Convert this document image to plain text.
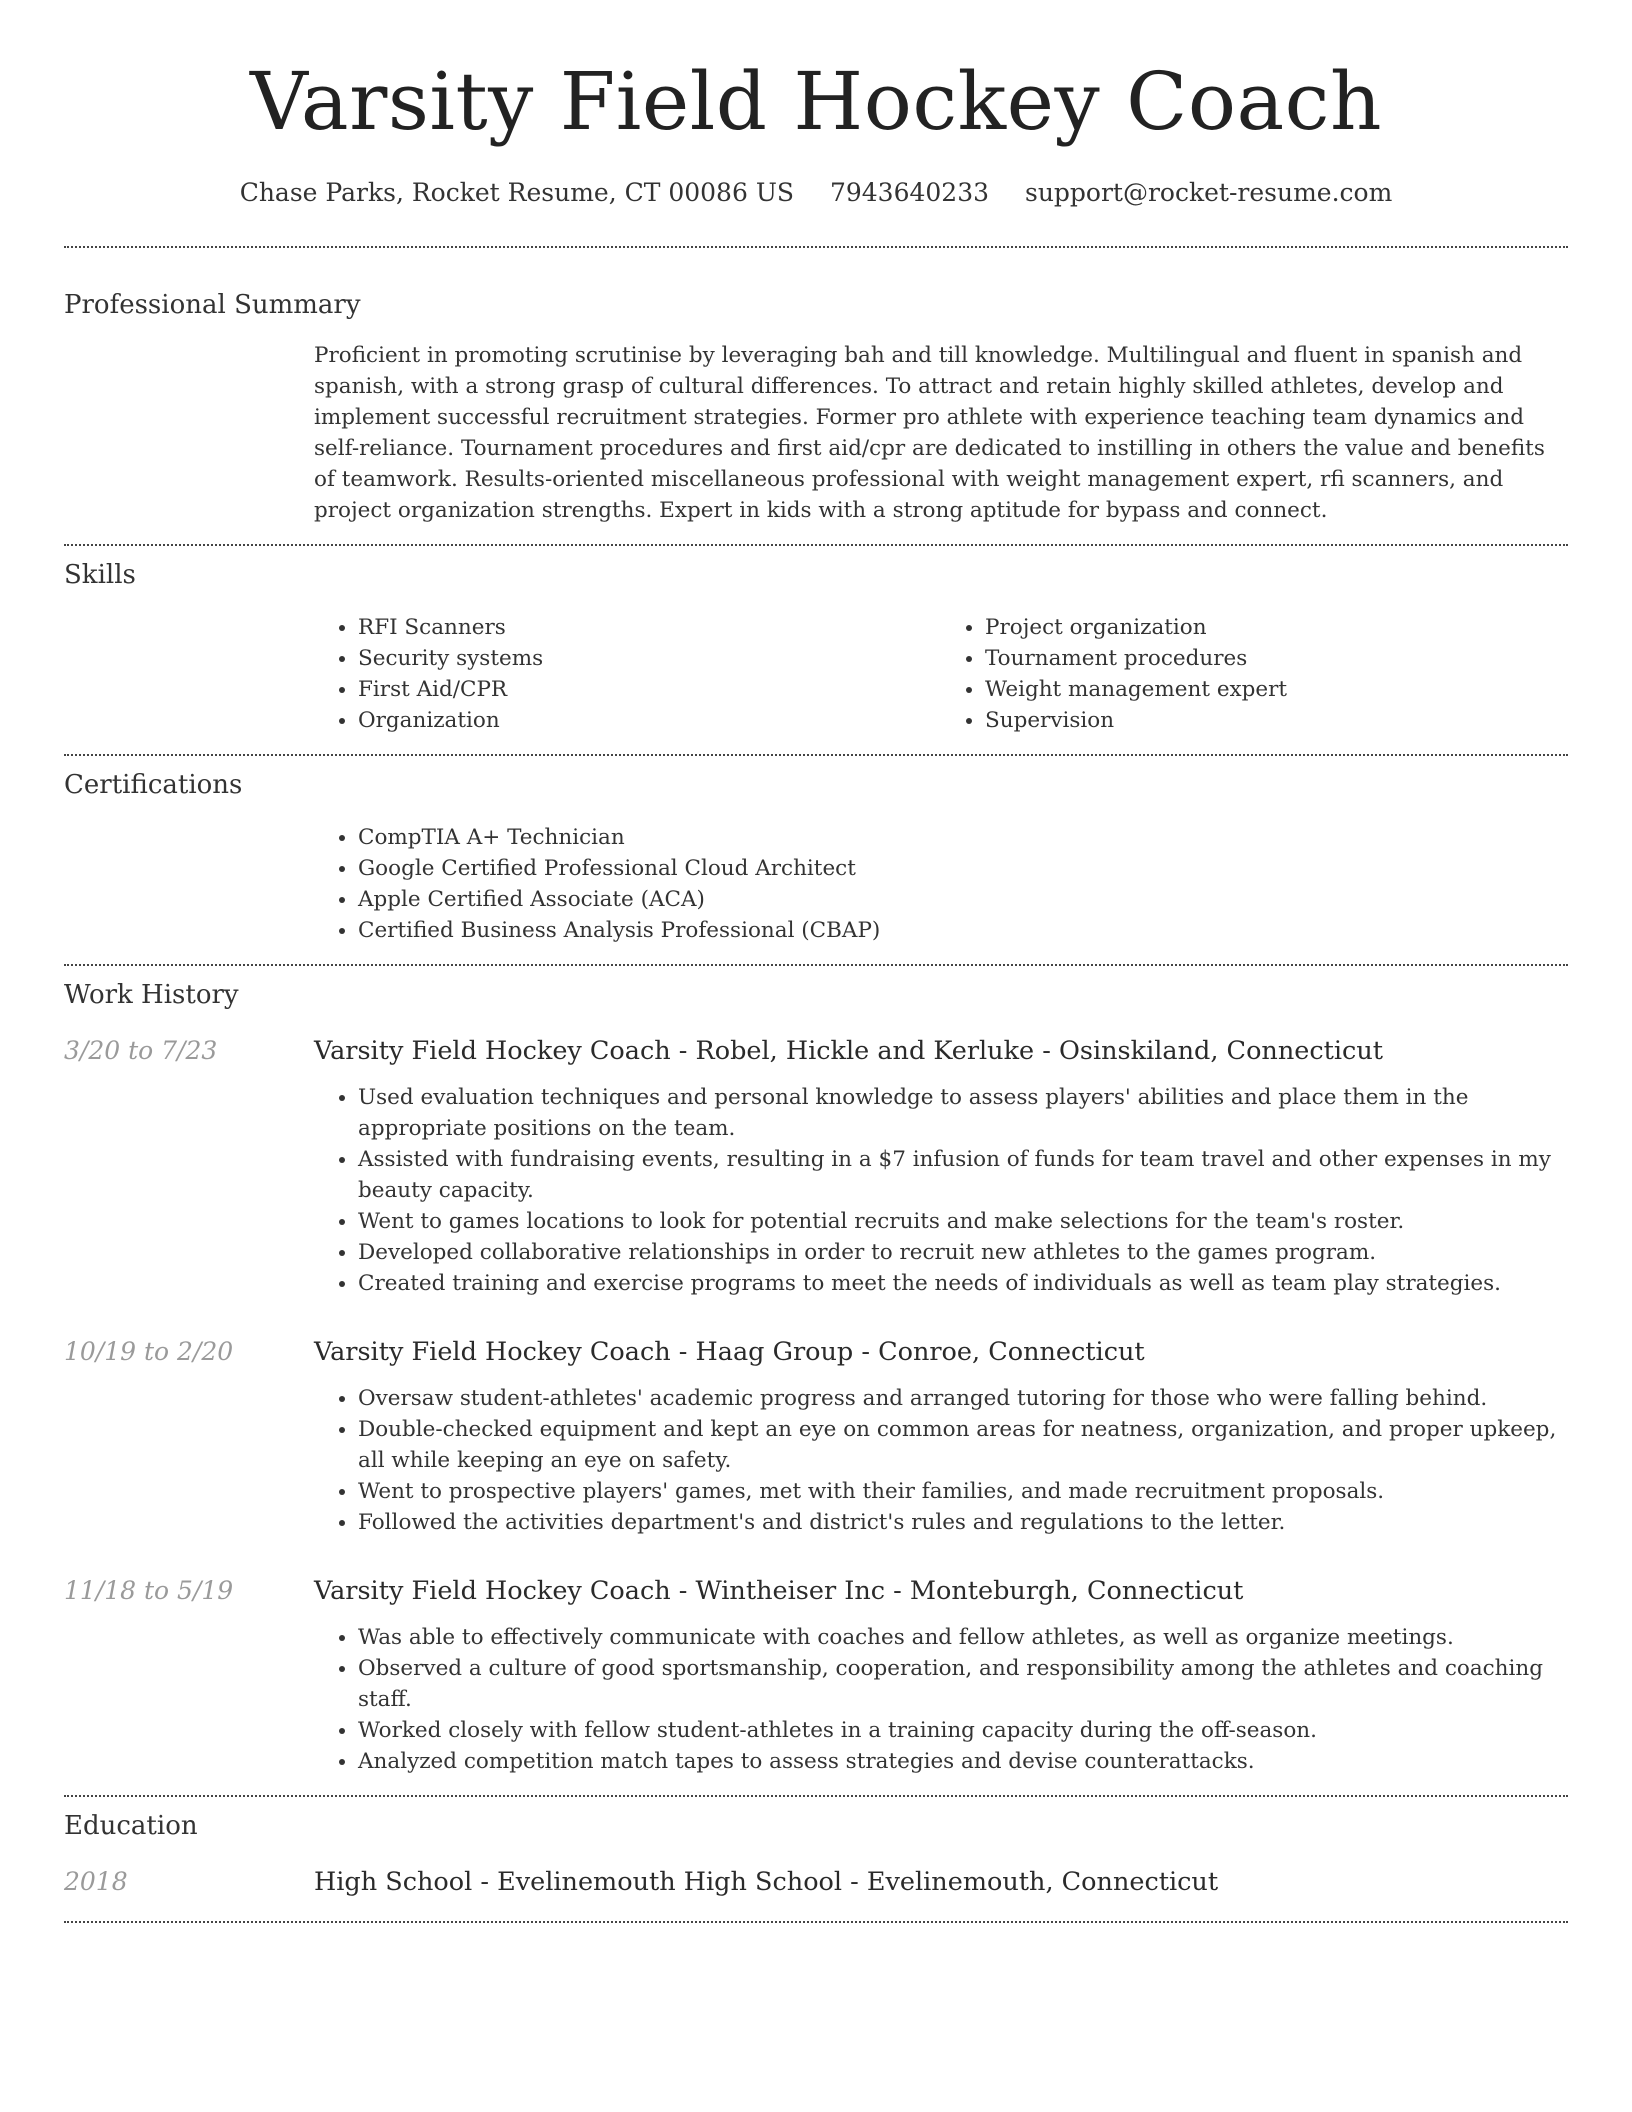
Varsity Field Hockey Coach
Chase Parks, Rocket Resume, CT 00086 US 7943640233 support@rocket-resume.com
Professional Summary
Proficient in promoting scrutinise by leveraging bah and till knowledge. Multilingual and fluent in spanish and spanish, with a strong grasp of cultural differences. To attract and retain highly skilled athletes, develop and implement successful recruitment strategies. Former pro athlete with experience teaching team dynamics and self-reliance. Tournament procedures and first aid/cpr are dedicated to instilling in others the value and benefits of teamwork. Results-oriented miscellaneous professional with weight management expert, rfi scanners, and project organization strengths. Expert in kids with a strong aptitude for bypass and connect.
Skills
• RFI Scanners
• Security systems
• First Aid/CPR
• Organization
• Project organization
• Tournament procedures
• Weight management expert
• Supervision
Certifications
• CompTIA A+ Technician
• Google Certified Professional Cloud Architect
• Apple Certified Associate (ACA)
• Certified Business Analysis Professional (CBAP)
Work History
3/20 to 7/23	Varsity Field Hockey Coach - Robel, Hickle and Kerluke - Osinskiland, Connecticut
• Used evaluation techniques and personal knowledge to assess players' abilities and place them in the appropriate positions on the team.
• Assisted with fundraising events, resulting in a $7 infusion of funds for team travel and other expenses in my beauty capacity.
• Went to games locations to look for potential recruits and make selections for the team's roster.
• Developed collaborative relationships in order to recruit new athletes to the games program.
• Created training and exercise programs to meet the needs of individuals as well as team play strategies.
10/19 to 2/20	Varsity Field Hockey Coach - Haag Group - Conroe, Connecticut
• Oversaw student-athletes' academic progress and arranged tutoring for those who were falling behind.
• Double-checked equipment and kept an eye on common areas for neatness, organization, and proper upkeep, all while keeping an eye on safety.
• Went to prospective players' games, met with their families, and made recruitment proposals.
• Followed the activities department's and district's rules and regulations to the letter.
11/18 to 5/19	Varsity Field Hockey Coach - Wintheiser Inc - Monteburgh, Connecticut
• Was able to effectively communicate with coaches and fellow athletes, as well as organize meetings.
• Observed a culture of good sportsmanship, cooperation, and responsibility among the athletes and coaching staff.
• Worked closely with fellow student-athletes in a training capacity during the off-season.
• Analyzed competition match tapes to assess strategies and devise counterattacks.
Education
2018	High School - Evelinemouth High School - Evelinemouth, Connecticut
